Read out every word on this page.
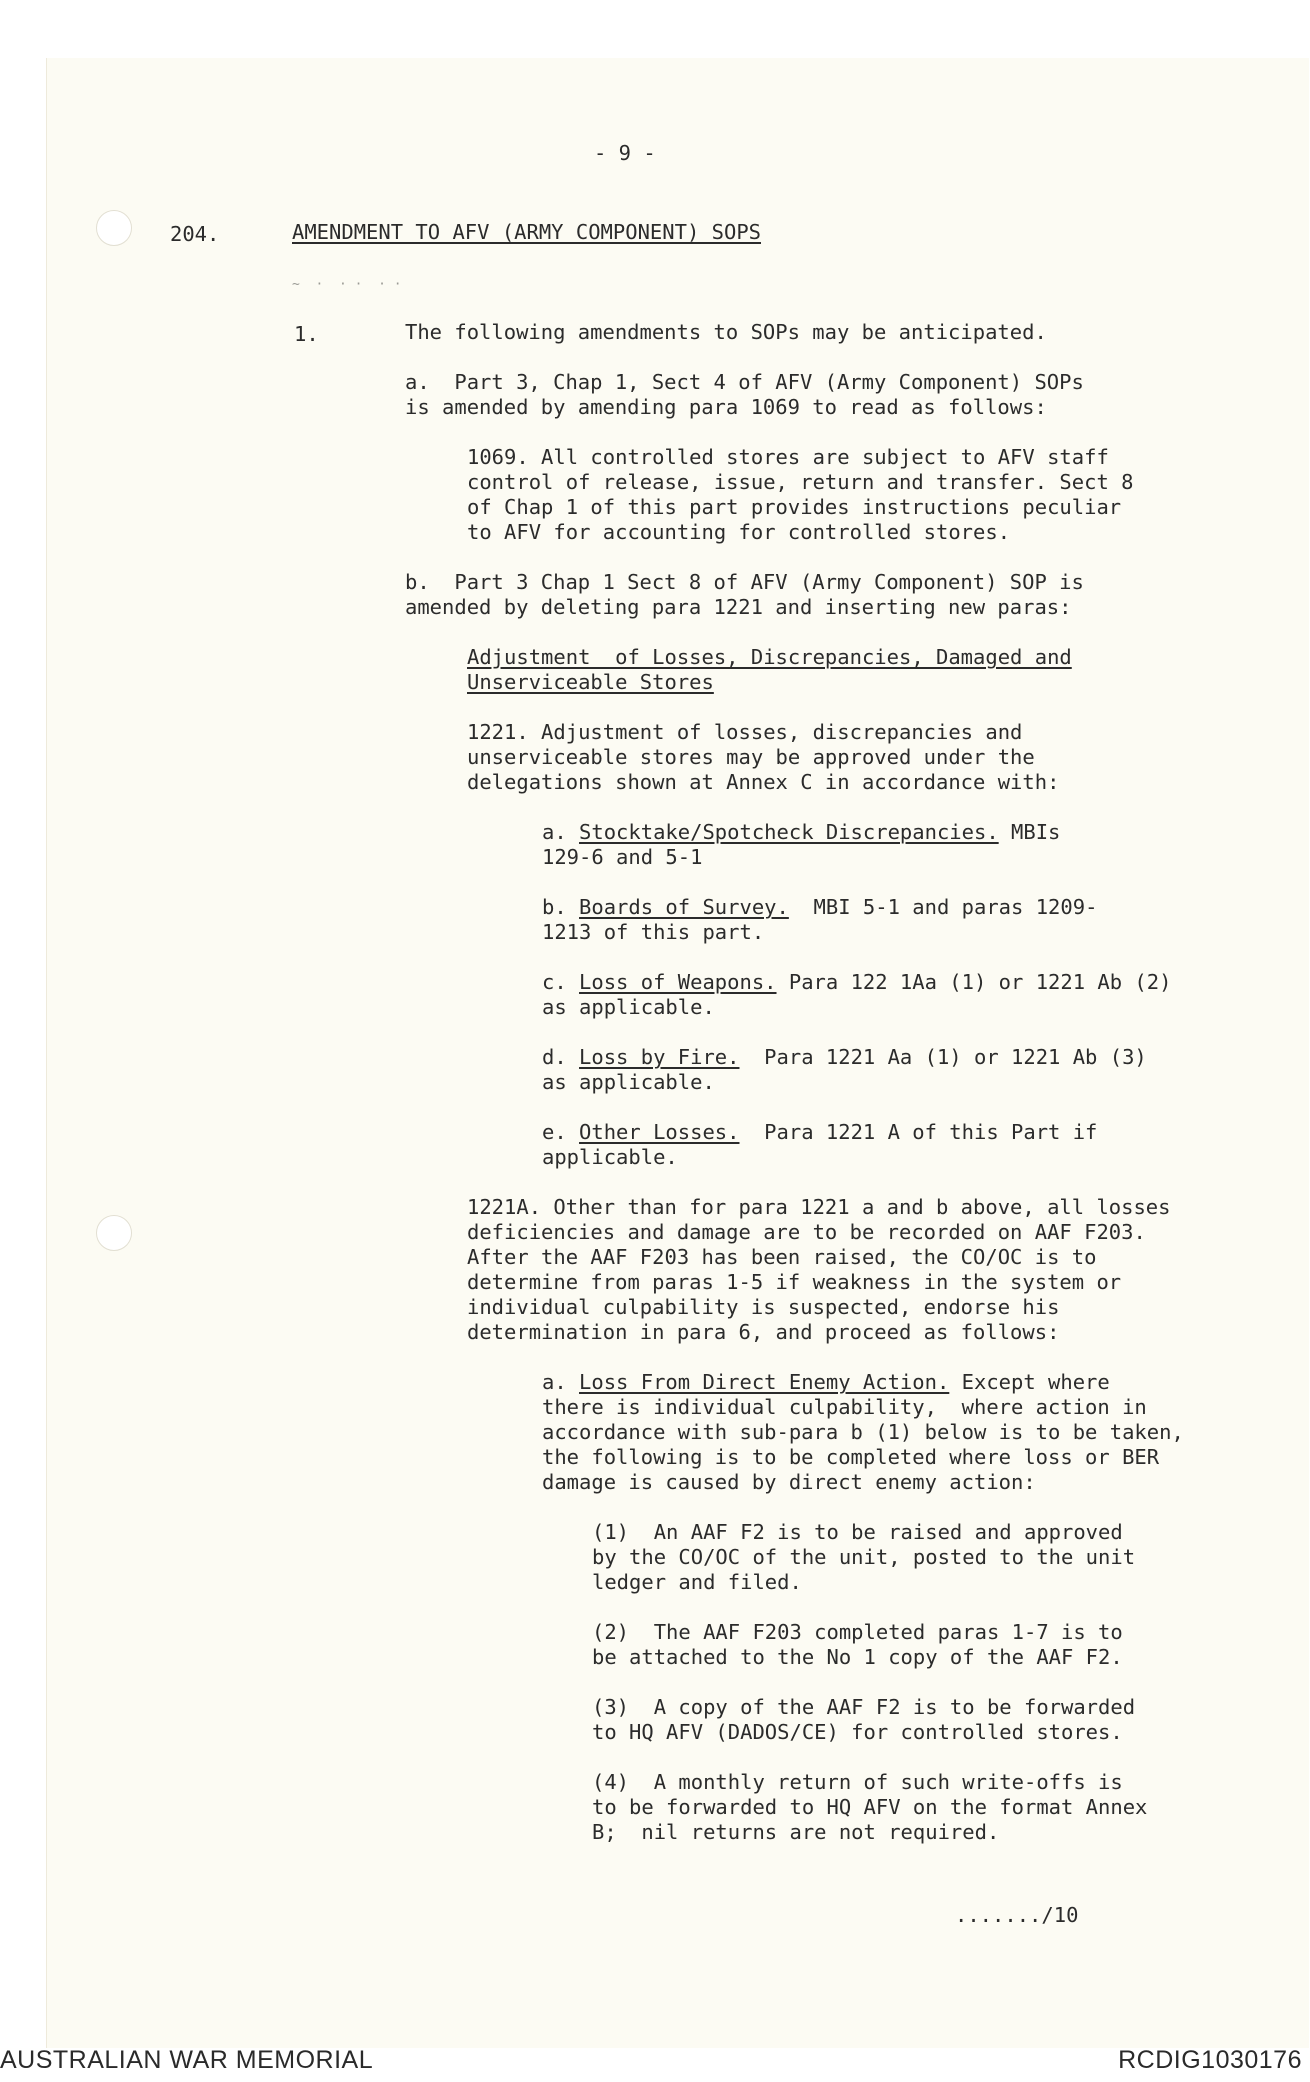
- 9 -

204.	AMENDMENT TO AFV (ARMY COMPONENT) SOPS

~  ·  · ·  · ·

1.	The following amendments to SOPs may be anticipated.

a.  Part 3, Chap 1, Sect 4 of AFV (Army Component) SOPs

is amended by amending para 1069 to read as follows:

1069. All controlled stores are subject to AFV staff

control of release, issue, return and transfer. Sect 8

of Chap 1 of this part provides instructions peculiar

to AFV for accounting for controlled stores.

b.  Part 3 Chap 1 Sect 8 of AFV (Army Component) SOP is

amended by deleting para 1221 and inserting new paras:

Adjustment  of Losses, Discrepancies, Damaged and

Unserviceable Stores

1221. Adjustment of losses, discrepancies and

unserviceable stores may be approved under the

delegations shown at Annex C in accordance with:

a. Stocktake/Spotcheck Discrepancies. MBIs

129-6 and 5-1

b. Boards of Survey.  MBI 5-1 and paras 1209-

1213 of this part.

c. Loss of Weapons. Para 122 1Aa (1) or 1221 Ab (2)

as applicable.

d. Loss by Fire.  Para 1221 Aa (1) or 1221 Ab (3)

as applicable.

e. Other Losses.  Para 1221 A of this Part if

applicable.

1221A. Other than for para 1221 a and b above, all losses

deficiencies and damage are to be recorded on AAF F203.

After the AAF F203 has been raised, the CO/OC is to

determine from paras 1-5 if weakness in the system or

individual culpability is suspected, endorse his

determination in para 6, and proceed as follows:

a. Loss From Direct Enemy Action. Except where

there is individual culpability,  where action in

accordance with sub-para b (1) below is to be taken,

the following is to be completed where loss or BER

damage is caused by direct enemy action:

(1)  An AAF F2 is to be raised and approved

by the CO/OC of the unit, posted to the unit

ledger and filed.

(2)  The AAF F203 completed paras 1-7 is to

be attached to the No 1 copy of the AAF F2.

(3)  A copy of the AAF F2 is to be forwarded

to HQ AFV (DADOS/CE) for controlled stores.

(4)  A monthly return of such write-offs is

to be forwarded to HQ AFV on the format Annex

B;  nil returns are not required.

......./10

AUSTRALIAN WAR MEMORIAL	RCDIG1030176
